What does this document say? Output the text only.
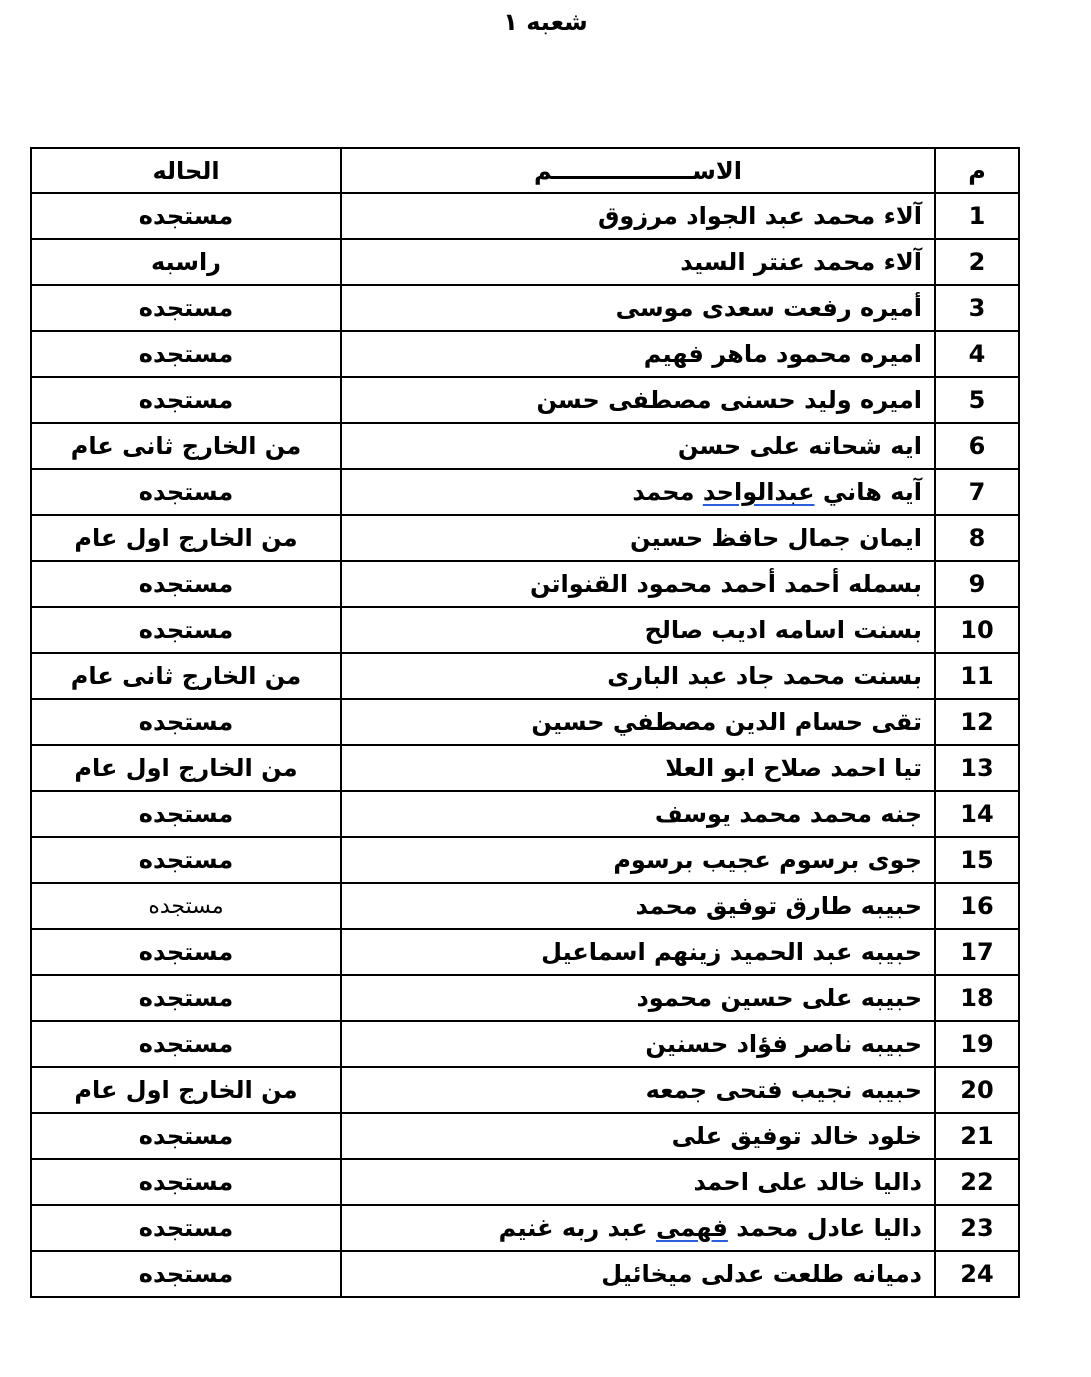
شعبه ١
م	الاســـــــــــــــــم	الحاله
1	آلاء محمد عبد الجواد مرزوق	مستجده
2	آلاء محمد عنتر السيد	راسبه
3	أميره رفعت سعدى موسى	مستجده
4	اميره محمود ماهر فهيم	مستجده
5	اميره وليد حسنى مصطفى حسن	مستجده
6	ايه شحاته على حسن	من الخارج ثانى عام
7	آيه هاني عبدالواحد محمد	مستجده
8	ايمان جمال حافظ حسين	من الخارج اول عام
9	بسمله أحمد أحمد محمود القنواتن	مستجده
10	بسنت اسامه اديب صالح	مستجده
11	بسنت محمد جاد عبد البارى	من الخارج ثانى عام
12	تقى حسام الدين مصطفي حسين	مستجده
13	تيا احمد صلاح ابو العلا	من الخارج اول عام
14	جنه محمد محمد يوسف	مستجده
15	جوى برسوم عجيب برسوم	مستجده
16	حبيبه طارق توفيق محمد	مستجده
17	حبيبه عبد الحميد زينهم اسماعيل	مستجده
18	حبيبه على حسين محمود	مستجده
19	حبيبه ناصر فؤاد حسنين	مستجده
20	حبيبه نجيب فتحى جمعه	من الخارج اول عام
21	خلود خالد توفيق على	مستجده
22	داليا خالد على احمد	مستجده
23	داليا عادل محمد فهمى عبد ربه غنيم	مستجده
24	دميانه طلعت عدلى ميخائيل	مستجده
